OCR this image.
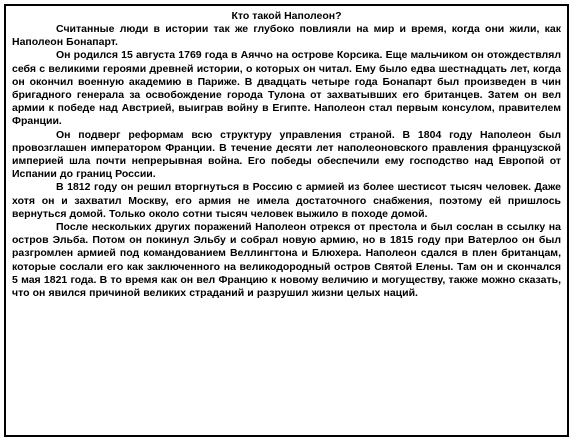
Кто такой Наполеон?

Считанные люди в истории так же глубоко повлияли на мир и время, когда они жили, как Наполеон Бонапарт.

Он родился 15 августа 1769 года в Аяччо на острове Корсика. Еще мальчиком он отождествлял себя с великими героями древней истории, о которых он читал. Ему было едва шестнадцать лет, когда он окончил военную академию в Париже. В двадцать четыре года Бонапарт был произведен в чин бригадного генерала за освобождение города Тулона от захватывших его британцев. Затем он вел армии к победе над Австрией, выиграв войну в Египте. Наполеон стал первым консулом, правителем Франции.

Он подверг реформам всю структуру управления страной. В 1804 году Наполеон был провозглашен императором Франции. В течение десяти лет наполеоновского правления французской империей шла почти непрерывная война. Его победы обеспечили ему господство над Европой от Испании до границ России.

В 1812 году он решил вторгнуться в Россию с армией из более шестисот тысяч человек. Даже хотя он и захватил Москву, его армия не имела достаточного снабжения, поэтому ей пришлось вернуться домой. Только около сотни тысяч человек выжило в походе домой.

После нескольких других поражений Наполеон отрекся от престола и был сослан в ссылку на остров Эльба. Потом он покинул Эльбу и собрал новую армию, но в 1815 году при Ватерлоо он был разгромлен армией под командованием Веллингтона и Блюхера. Наполеон сдался в плен британцам, которые сослали его как заключенного на великодородный остров Святой Елены. Там он и скончался 5 мая 1821 года. В то время как он вел Францию к новому величию и могуществу, также можно сказать, что он явился причиной великих страданий и разрушил жизни целых наций.
